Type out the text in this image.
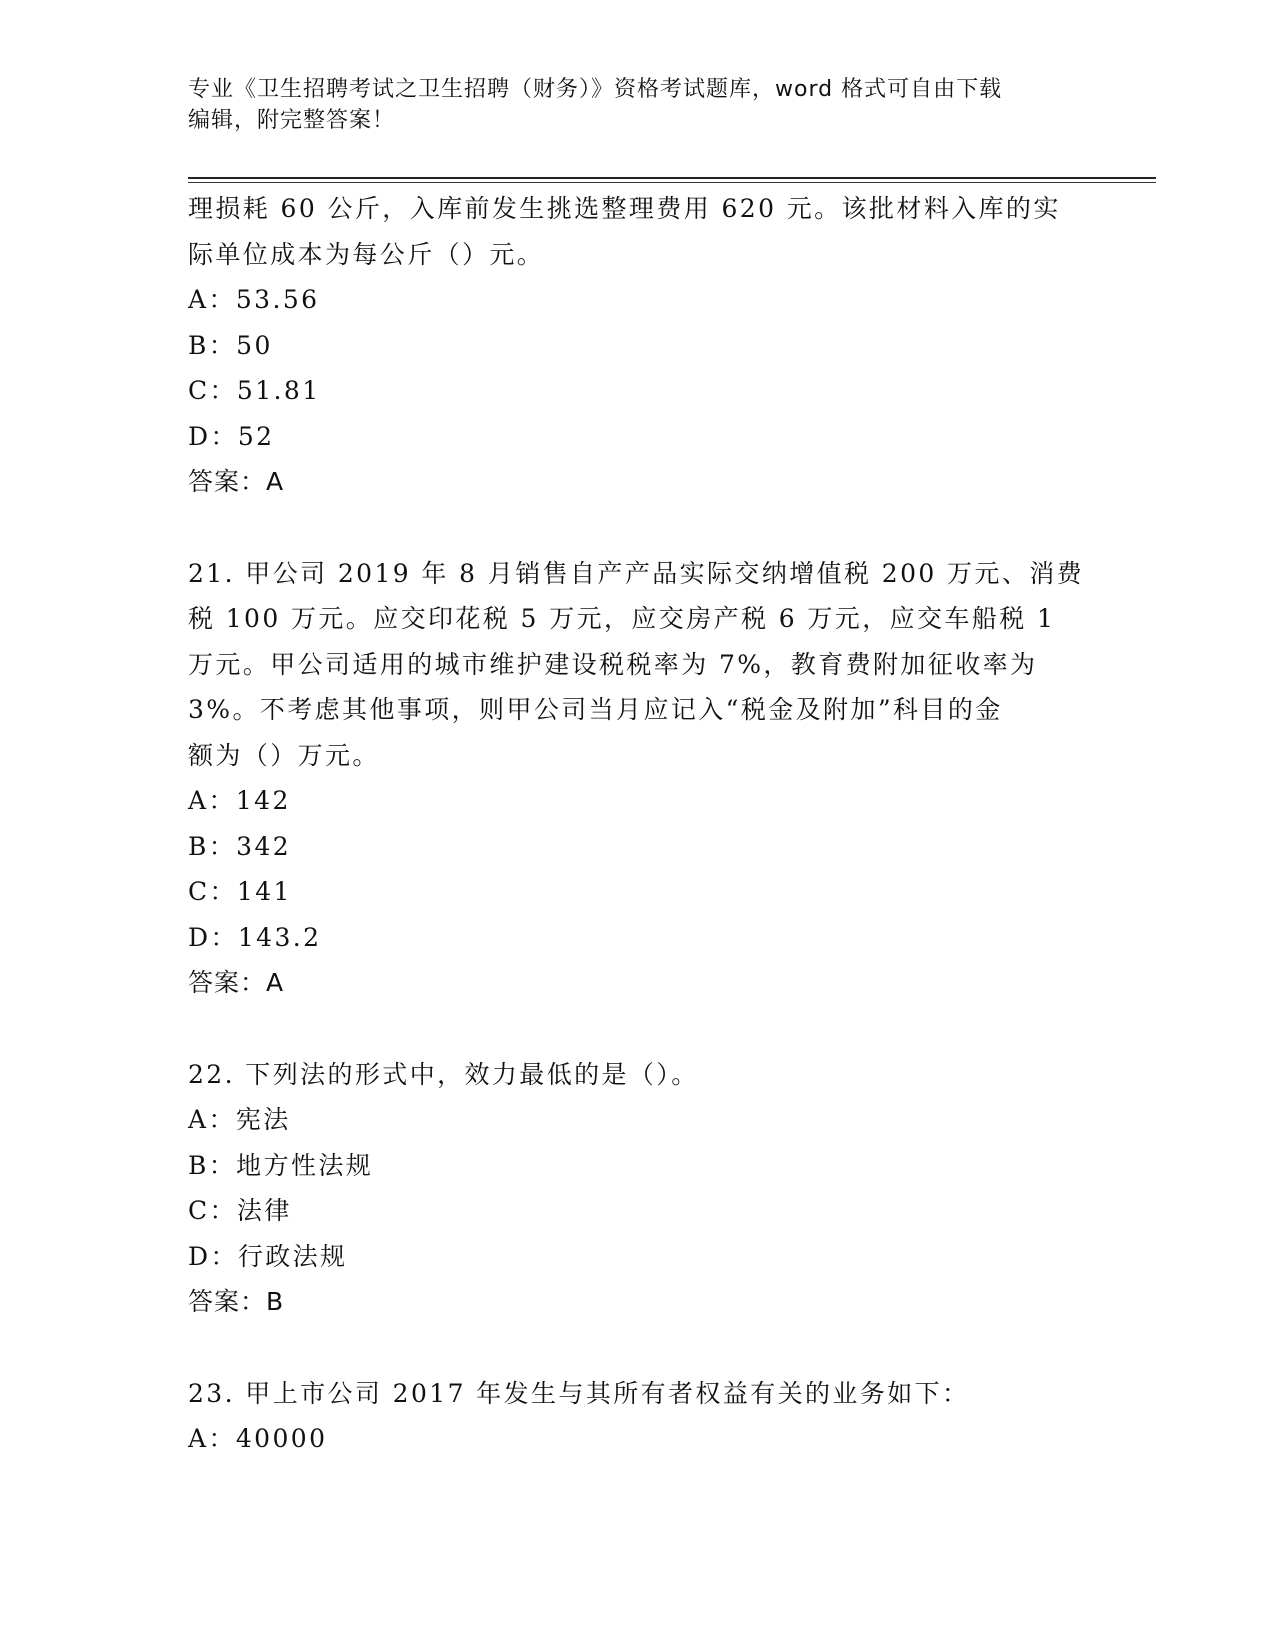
专业《卫生招聘考试之卫生招聘（财务）》资格考试题库，word 格式可自由下载
编辑，附完整答案！
理损耗 60 公斤，入库前发生挑选整理费用 620 元。该批材料入库的实
际单位成本为每公斤（）元。
A：53.56
B：50
C：51.81
D：52
答案：A
21. 甲公司 2019 年 8 月销售自产产品实际交纳增值税 200 万元、消费
税 100 万元。应交印花税 5 万元，应交房产税 6 万元，应交车船税 1
万元。甲公司适用的城市维护建设税税率为 7%，教育费附加征收率为
3%。不考虑其他事项，则甲公司当月应记入“税金及附加”科目的金
额为（）万元。
A：142
B：342
C：141
D：143.2
答案：A
22. 下列法的形式中，效力最低的是（）。
A：宪法
B：地方性法规
C：法律
D：行政法规
答案：B
23. 甲上市公司 2017 年发生与其所有者权益有关的业务如下：
A：40000
